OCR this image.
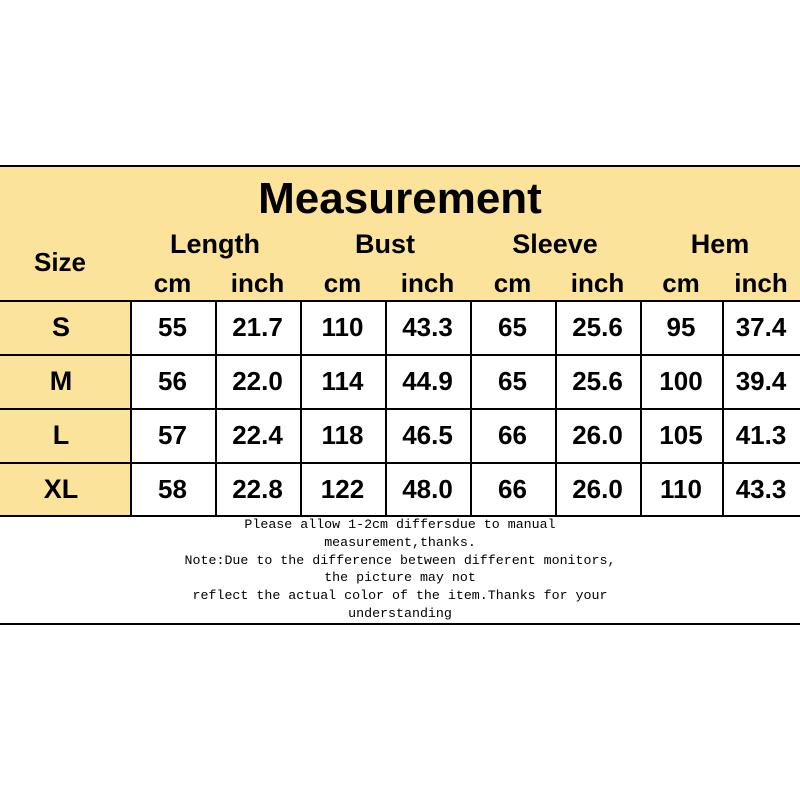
Measurement
Size
Please allow 1-2cm differsdue to manual
measurement,thanks.
Note:Due to the difference between different monitors,
the picture may not
reflect the actual color of the item.Thanks for your
understanding
Length	Bust	Sleeve	Hem
cm	inch	cm	inch	cm	inch	cm	inch
S	55	21.7	110	43.3	65	25.6	95	37.4
M	56	22.0	114	44.9	65	25.6	100	39.4
L	57	22.4	118	46.5	66	26.0	105	41.3
XL	58	22.8	122	48.0	66	26.0	110	43.3
